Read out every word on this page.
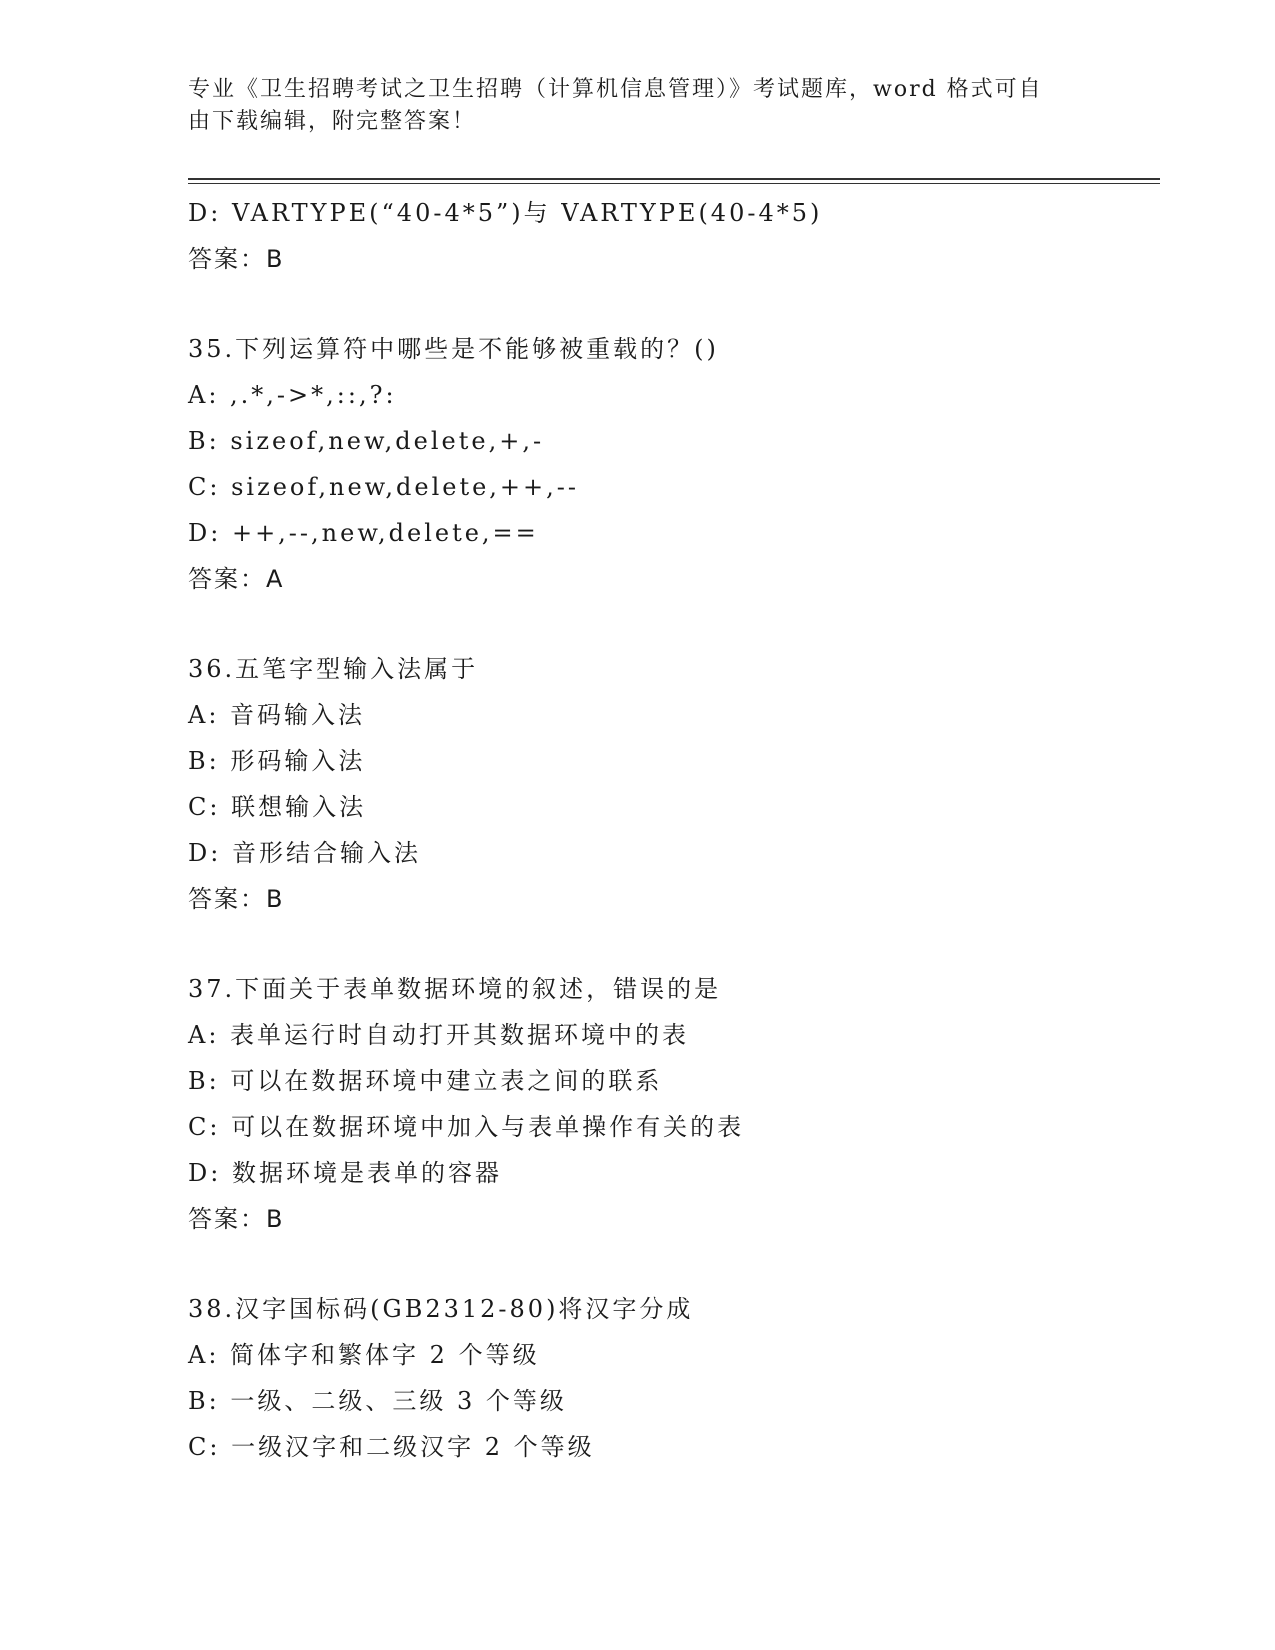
专业《卫生招聘考试之卫生招聘（计算机信息管理）》考试题库，word 格式可自
由下载编辑，附完整答案！
D: VARTYPE(“40-4*5”)与 VARTYPE(40-4*5)
答案：B
35.下列运算符中哪些是不能够被重载的？()
A: ,.*,->*,::,?:
B: sizeof,new,delete,+,-
C: sizeof,new,delete,++,--
D: ++,--,new,delete,==
答案：A
36.五笔字型输入法属于
A: 音码输入法
B: 形码输入法
C: 联想输入法
D: 音形结合输入法
答案：B
37.下面关于表单数据环境的叙述，错误的是
A: 表单运行时自动打开其数据环境中的表
B: 可以在数据环境中建立表之间的联系
C: 可以在数据环境中加入与表单操作有关的表
D: 数据环境是表单的容器
答案：B
38.汉字国标码(GB2312-80)将汉字分成
A: 简体字和繁体字 2 个等级
B: 一级、二级、三级 3 个等级
C: 一级汉字和二级汉字 2 个等级
